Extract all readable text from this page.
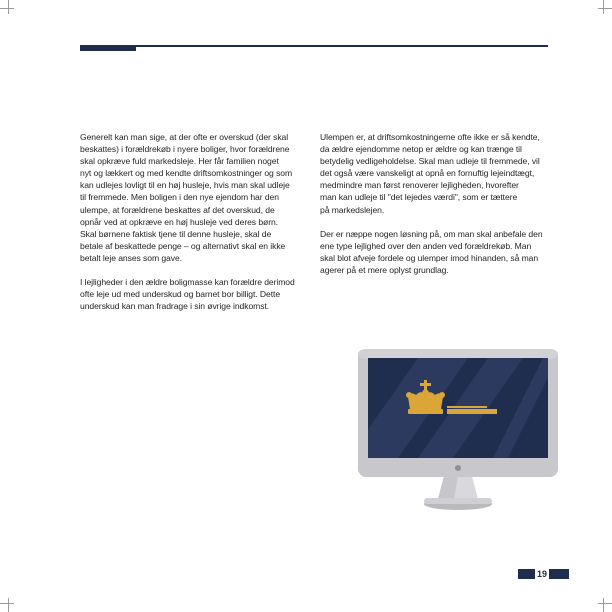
Generelt kan man sige, at der ofte er overskud (der skal
beskattes) i forældrekøb i nyere boliger, hvor forældrene
skal opkræve fuld markedsleje. Her får familien noget
nyt og lækkert og med kendte driftsomkostninger og som
kan udlejes lovligt til en høj husleje, hvis man skal udleje
til fremmede. Men boligen i den nye ejendom har den
ulempe, at forældrene beskattes af det overskud, de
opnår ved at opkræve en høj husleje ved deres børn.
Skal børnene faktisk tjene til denne husleje, skal de
betale af beskattede penge – og alternativt skal en ikke
betalt leje anses som gave.

I lejligheder i den ældre boligmasse kan forældre derimod
ofte leje ud med underskud og barnet bor billigt. Dette
underskud kan man fradrage i sin øvrige indkomst.

Ulempen er, at driftsomkostningerne ofte ikke er så kendte,
da ældre ejendomme netop er ældre og kan trænge til
betydelig vedligeholdelse. Skal man udleje til fremmede, vil
det også være vanskeligt at opnå en fornuftig lejeindtægt,
medmindre man først renoverer lejligheden, hvorefter
man kan udleje til "det lejedes værdi", som er tættere
på markedslejen.

Der er næppe nogen løsning på, om man skal anbefale den
ene type lejlighed over den anden ved forældrekøb. Man
skal blot afveje fordele og ulemper imod hinanden, så man
agerer på et mere oplyst grundlag.

19
